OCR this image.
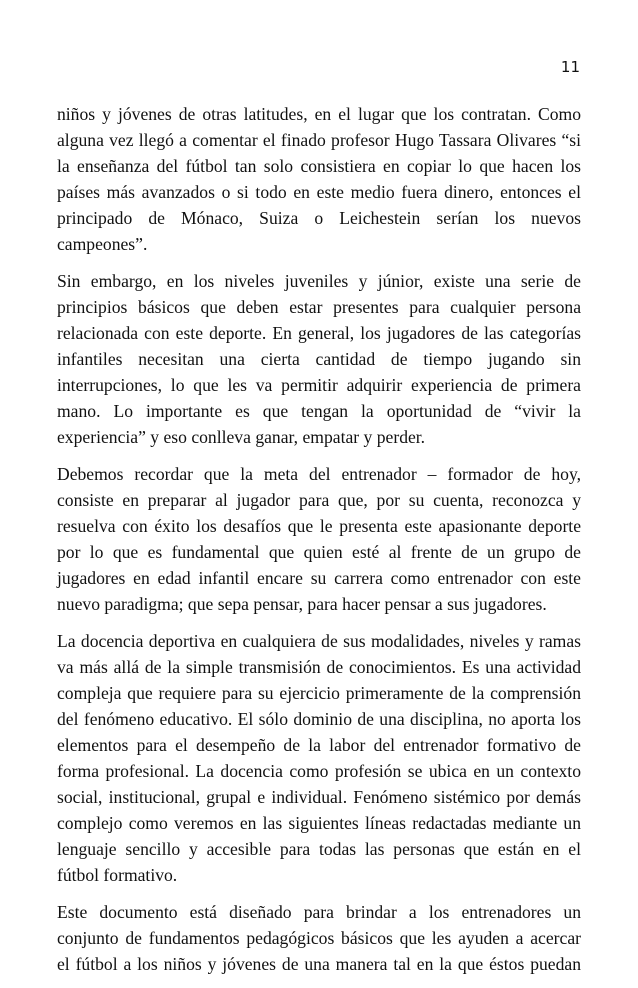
11

niños y jóvenes de otras latitudes, en el lugar que los contratan. Como
alguna vez llegó a comentar el finado profesor Hugo Tassara Olivares “si
la enseñanza del fútbol tan solo consistiera en copiar lo que hacen los
países más avanzados o si todo en este medio fuera dinero, entonces el
principado de Mónaco, Suiza o Leichestein serían los nuevos
campeones”.

Sin embargo, en los niveles juveniles y júnior, existe una serie de
principios básicos que deben estar presentes para cualquier persona
relacionada con este deporte. En general, los jugadores de las categorías
infantiles necesitan una cierta cantidad de tiempo jugando sin
interrupciones, lo que les va permitir adquirir experiencia de primera
mano. Lo importante es que tengan la oportunidad de “vivir la
experiencia” y eso conlleva ganar, empatar y perder.

Debemos recordar que la meta del entrenador – formador de hoy,
consiste en preparar al jugador para que, por su cuenta, reconozca y
resuelva con éxito los desafíos que le presenta este apasionante deporte
por lo que es fundamental que quien esté al frente de un grupo de
jugadores en edad infantil encare su carrera como entrenador con este
nuevo paradigma; que sepa pensar, para hacer pensar a sus jugadores.

La docencia deportiva en cualquiera de sus modalidades, niveles y ramas
va más allá de la simple transmisión de conocimientos. Es una actividad
compleja que requiere para su ejercicio primeramente de la comprensión
del fenómeno educativo. El sólo dominio de una disciplina, no aporta los
elementos para el desempeño de la labor del entrenador formativo de
forma profesional. La docencia como profesión se ubica en un contexto
social, institucional, grupal e individual. Fenómeno sistémico por demás
complejo como veremos en las siguientes líneas redactadas mediante un
lenguaje sencillo y accesible para todas las personas que están en el
fútbol formativo.

Este documento está diseñado para brindar a los entrenadores un
conjunto de fundamentos pedagógicos básicos que les ayuden a acercar
el fútbol a los niños y jóvenes de una manera tal en la que éstos puedan
